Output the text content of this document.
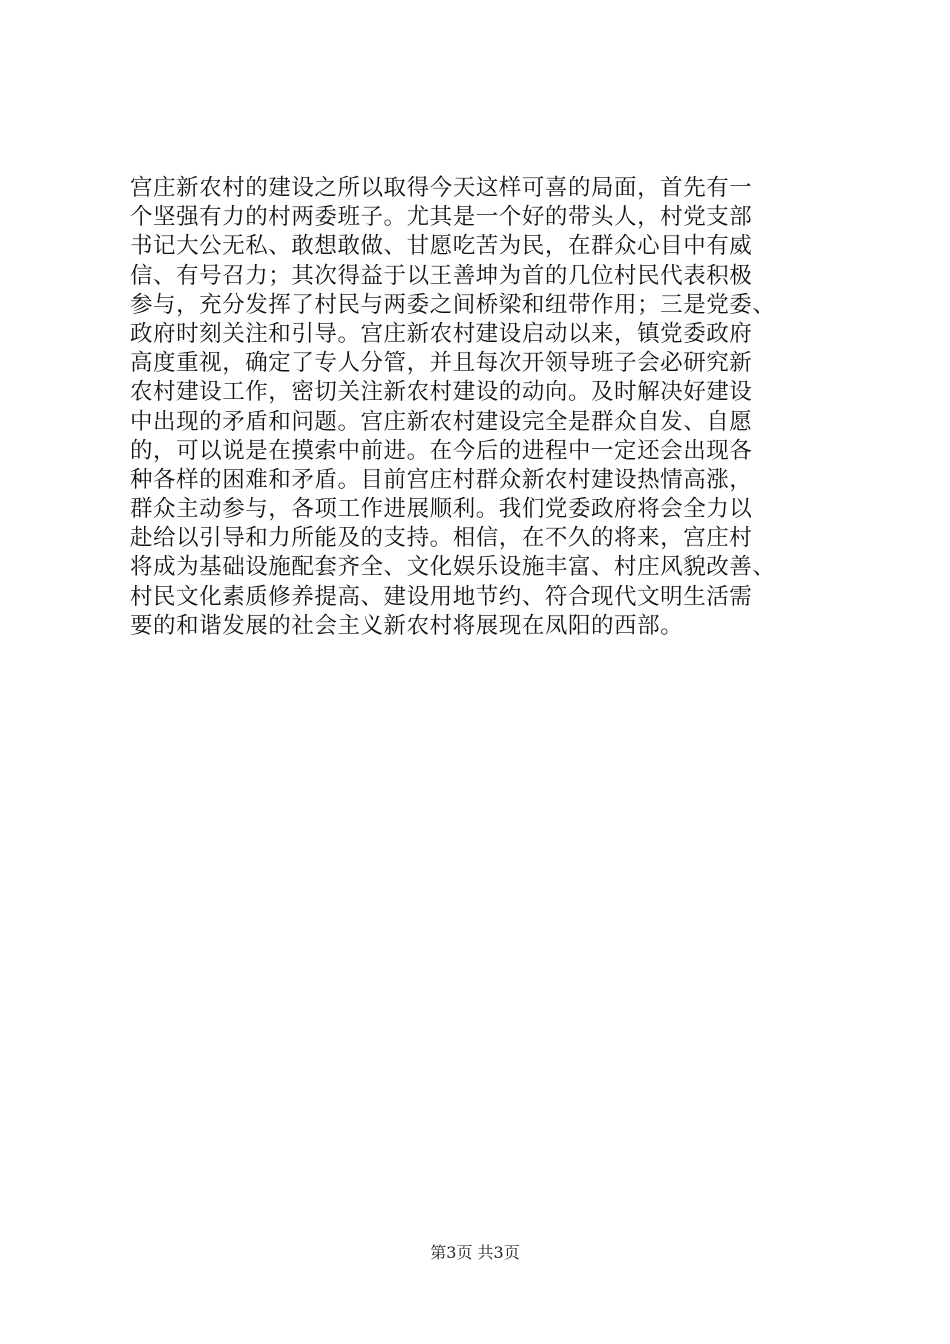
宫庄新农村的建设之所以取得今天这样可喜的局面，首先有一
个坚强有力的村两委班子。尤其是一个好的带头人，村党支部
书记大公无私、敢想敢做、甘愿吃苦为民，在群众心目中有威
信、有号召力；其次得益于以王善坤为首的几位村民代表积极
参与，充分发挥了村民与两委之间桥梁和纽带作用；三是党委、
政府时刻关注和引导。宫庄新农村建设启动以来，镇党委政府
高度重视，确定了专人分管，并且每次开领导班子会必研究新
农村建设工作，密切关注新农村建设的动向。及时解决好建设
中出现的矛盾和问题。宫庄新农村建设完全是群众自发、自愿
的，可以说是在摸索中前进。在今后的进程中一定还会出现各
种各样的困难和矛盾。目前宫庄村群众新农村建设热情高涨，
群众主动参与，各项工作进展顺利。我们党委政府将会全力以
赴给以引导和力所能及的支持。相信，在不久的将来，宫庄村
将成为基础设施配套齐全、文化娱乐设施丰富、村庄风貌改善、
村民文化素质修养提高、建设用地节约、符合现代文明生活需
要的和谐发展的社会主义新农村将展现在凤阳的西部。
第3页 共3页
